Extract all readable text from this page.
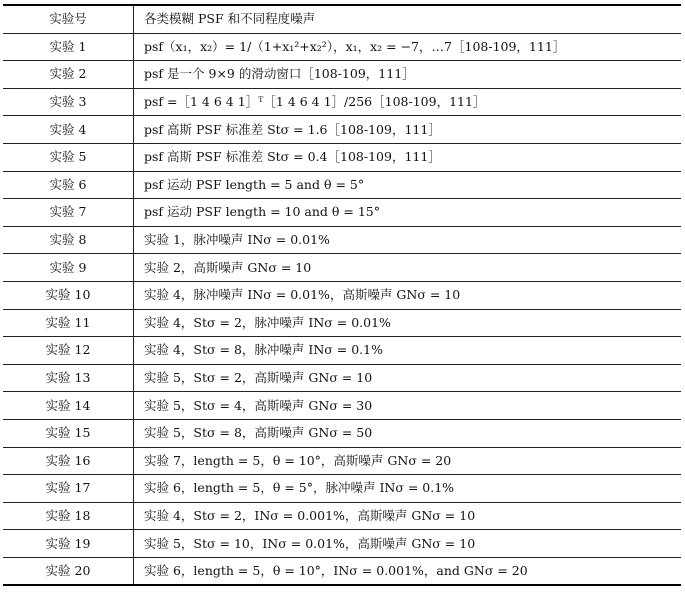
实验号	各类模糊 PSF 和不同程度噪声
实验 1	psf（x₁，x₂）= 1/（1+x₁²+x₂²），x₁，x₂ = −7，…7［108-109，111］
实验 2	psf 是一个 9×9 的滑动窗口［108-109，111］
实验 3	psf =［1 4 6 4 1］ᵀ［1 4 6 4 1］/256［108-109，111］
实验 4	psf 高斯 PSF 标准差 Stσ = 1.6［108-109，111］
实验 5	psf 高斯 PSF 标准差 Stσ = 0.4［108-109，111］
实验 6	psf 运动 PSF length = 5 and θ = 5°
实验 7	psf 运动 PSF length = 10 and θ = 15°
实验 8	实验 1，脉冲噪声 INσ = 0.01%
实验 9	实验 2，高斯噪声 GNσ = 10
实验 10	实验 4，脉冲噪声 INσ = 0.01%，高斯噪声 GNσ = 10
实验 11	实验 4，Stσ = 2，脉冲噪声 INσ = 0.01%
实验 12	实验 4，Stσ = 8，脉冲噪声 INσ = 0.1%
实验 13	实验 5，Stσ = 2，高斯噪声 GNσ = 10
实验 14	实验 5，Stσ = 4，高斯噪声 GNσ = 30
实验 15	实验 5，Stσ = 8，高斯噪声 GNσ = 50
实验 16	实验 7，length = 5，θ = 10°，高斯噪声 GNσ = 20
实验 17	实验 6，length = 5，θ = 5°，脉冲噪声 INσ = 0.1%
实验 18	实验 4，Stσ = 2，INσ = 0.001%，高斯噪声 GNσ = 10
实验 19	实验 5，Stσ = 10，INσ = 0.01%，高斯噪声 GNσ = 10
实验 20	实验 6，length = 5，θ = 10°，INσ = 0.001%，and GNσ = 20
